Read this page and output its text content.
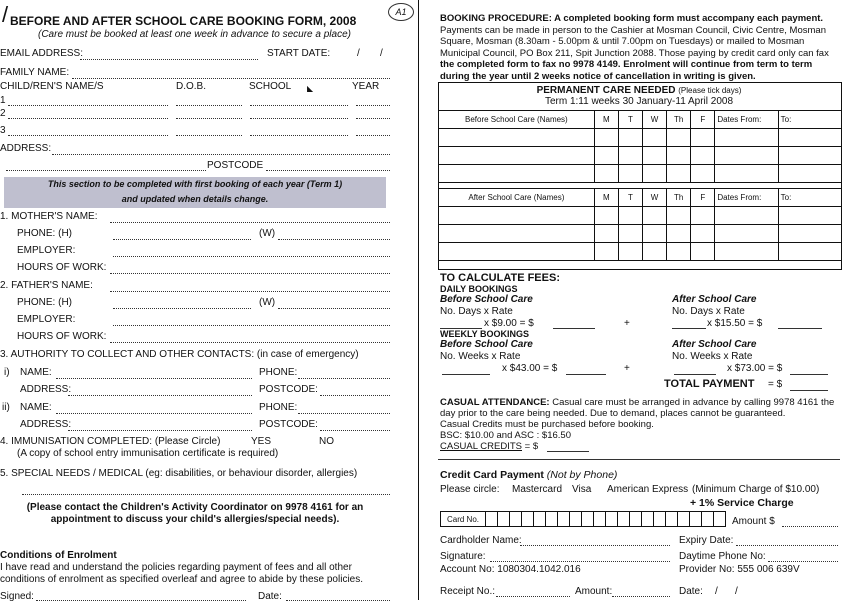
/ BEFORE AND AFTER SCHOOL CARE BOOKING FORM, 2008
(Care must be booked at least one week in advance to secure a place)
A1
EMAIL ADDRESS:	START DATE:	/ /
FAMILY NAME:
CHILD/REN'S NAME/S	D.O.B.	SCHOOL ◣	YEAR
1
2
3
ADDRESS:
POSTCODE
This section to be completed with first booking of each year (Term 1)
and updated when details change.
1. MOTHER'S NAME:
PHONE: (H)	(W)
EMPLOYER:
HOURS OF WORK:
2. FATHER'S NAME:
PHONE: (H)	(W)
EMPLOYER:
HOURS OF WORK:
3. AUTHORITY TO COLLECT AND OTHER CONTACTS: (in case of emergency)
i) NAME:	PHONE:
ADDRESS:	POSTCODE:
ii) NAME:	PHONE:
ADDRESS:	POSTCODE:
4. IMMUNISATION COMPLETED: (Please Circle)	YES	NO
(A copy of school entry immunisation certificate is required)
5. SPECIAL NEEDS / MEDICAL (eg: disabilities, or behaviour disorder, allergies)
(Please contact the Children's Activity Coordinator on 9978 4161 for an
appointment to discuss your child's allergies/special needs).
Conditions of Enrolment
I have read and understand the policies regarding payment of fees and all other
conditions of enrolment as specified overleaf and agree to abide by these policies.
Signed:	Date:
BOOKING PROCEDURE: A completed booking form must accompany each payment.
Payments can be made in person to the Cashier at Mosman Council, Civic Centre, Mosman
Square, Mosman (8.30am - 5.00pm & until 7.00pm on Tuesdays) or mailed to Mosman
Municipal Council, PO Box 211, Spit Junction 2088. Those paying by credit card only can fax
the completed form to fax no 9978 4149. Enrolment will continue from term to term
during the year until 2 weeks notice of cancellation in writing is given.
PERMANENT CARE NEEDED (Please tick days)
Term 1:11 weeks 30 January-11 April 2008
Before School Care (Names)	M	T	W	Th	F	Dates From:	To:

After School Care (Names)	M	T	W	Th	F	Dates From:	To:

TO CALCULATE FEES:
DAILY BOOKINGS
Before School Care
No. Days x Rate
x $9.00 = $	+
After School Care
No. Days x Rate
x $15.50 = $
WEEKLY BOOKINGS
Before School Care
No. Weeks x Rate
x $43.00 = $	+
After School Care
No. Weeks x Rate
x $73.00 = $
TOTAL PAYMENT = $
CASUAL ATTENDANCE: Casual care must be arranged in advance by calling 9978 4161 the
day prior to the care being needed. Due to demand, places cannot be guaranteed.
Casual Credits must be purchased before booking.
BSC: $10.00 and ASC : $16.50
CASUAL CREDITS = $
Credit Card Payment (Not by Phone)
Please circle: Mastercard Visa American Express (Minimum Charge of $10.00)
+ 1% Service Charge
Card No.																					Amount $
Cardholder Name:	Expiry Date:
Signature:	Daytime Phone No:
Account No: 1080304.1042.016	Provider No: 555 006 639V
Receipt No.:	Amount:	Date: / /
